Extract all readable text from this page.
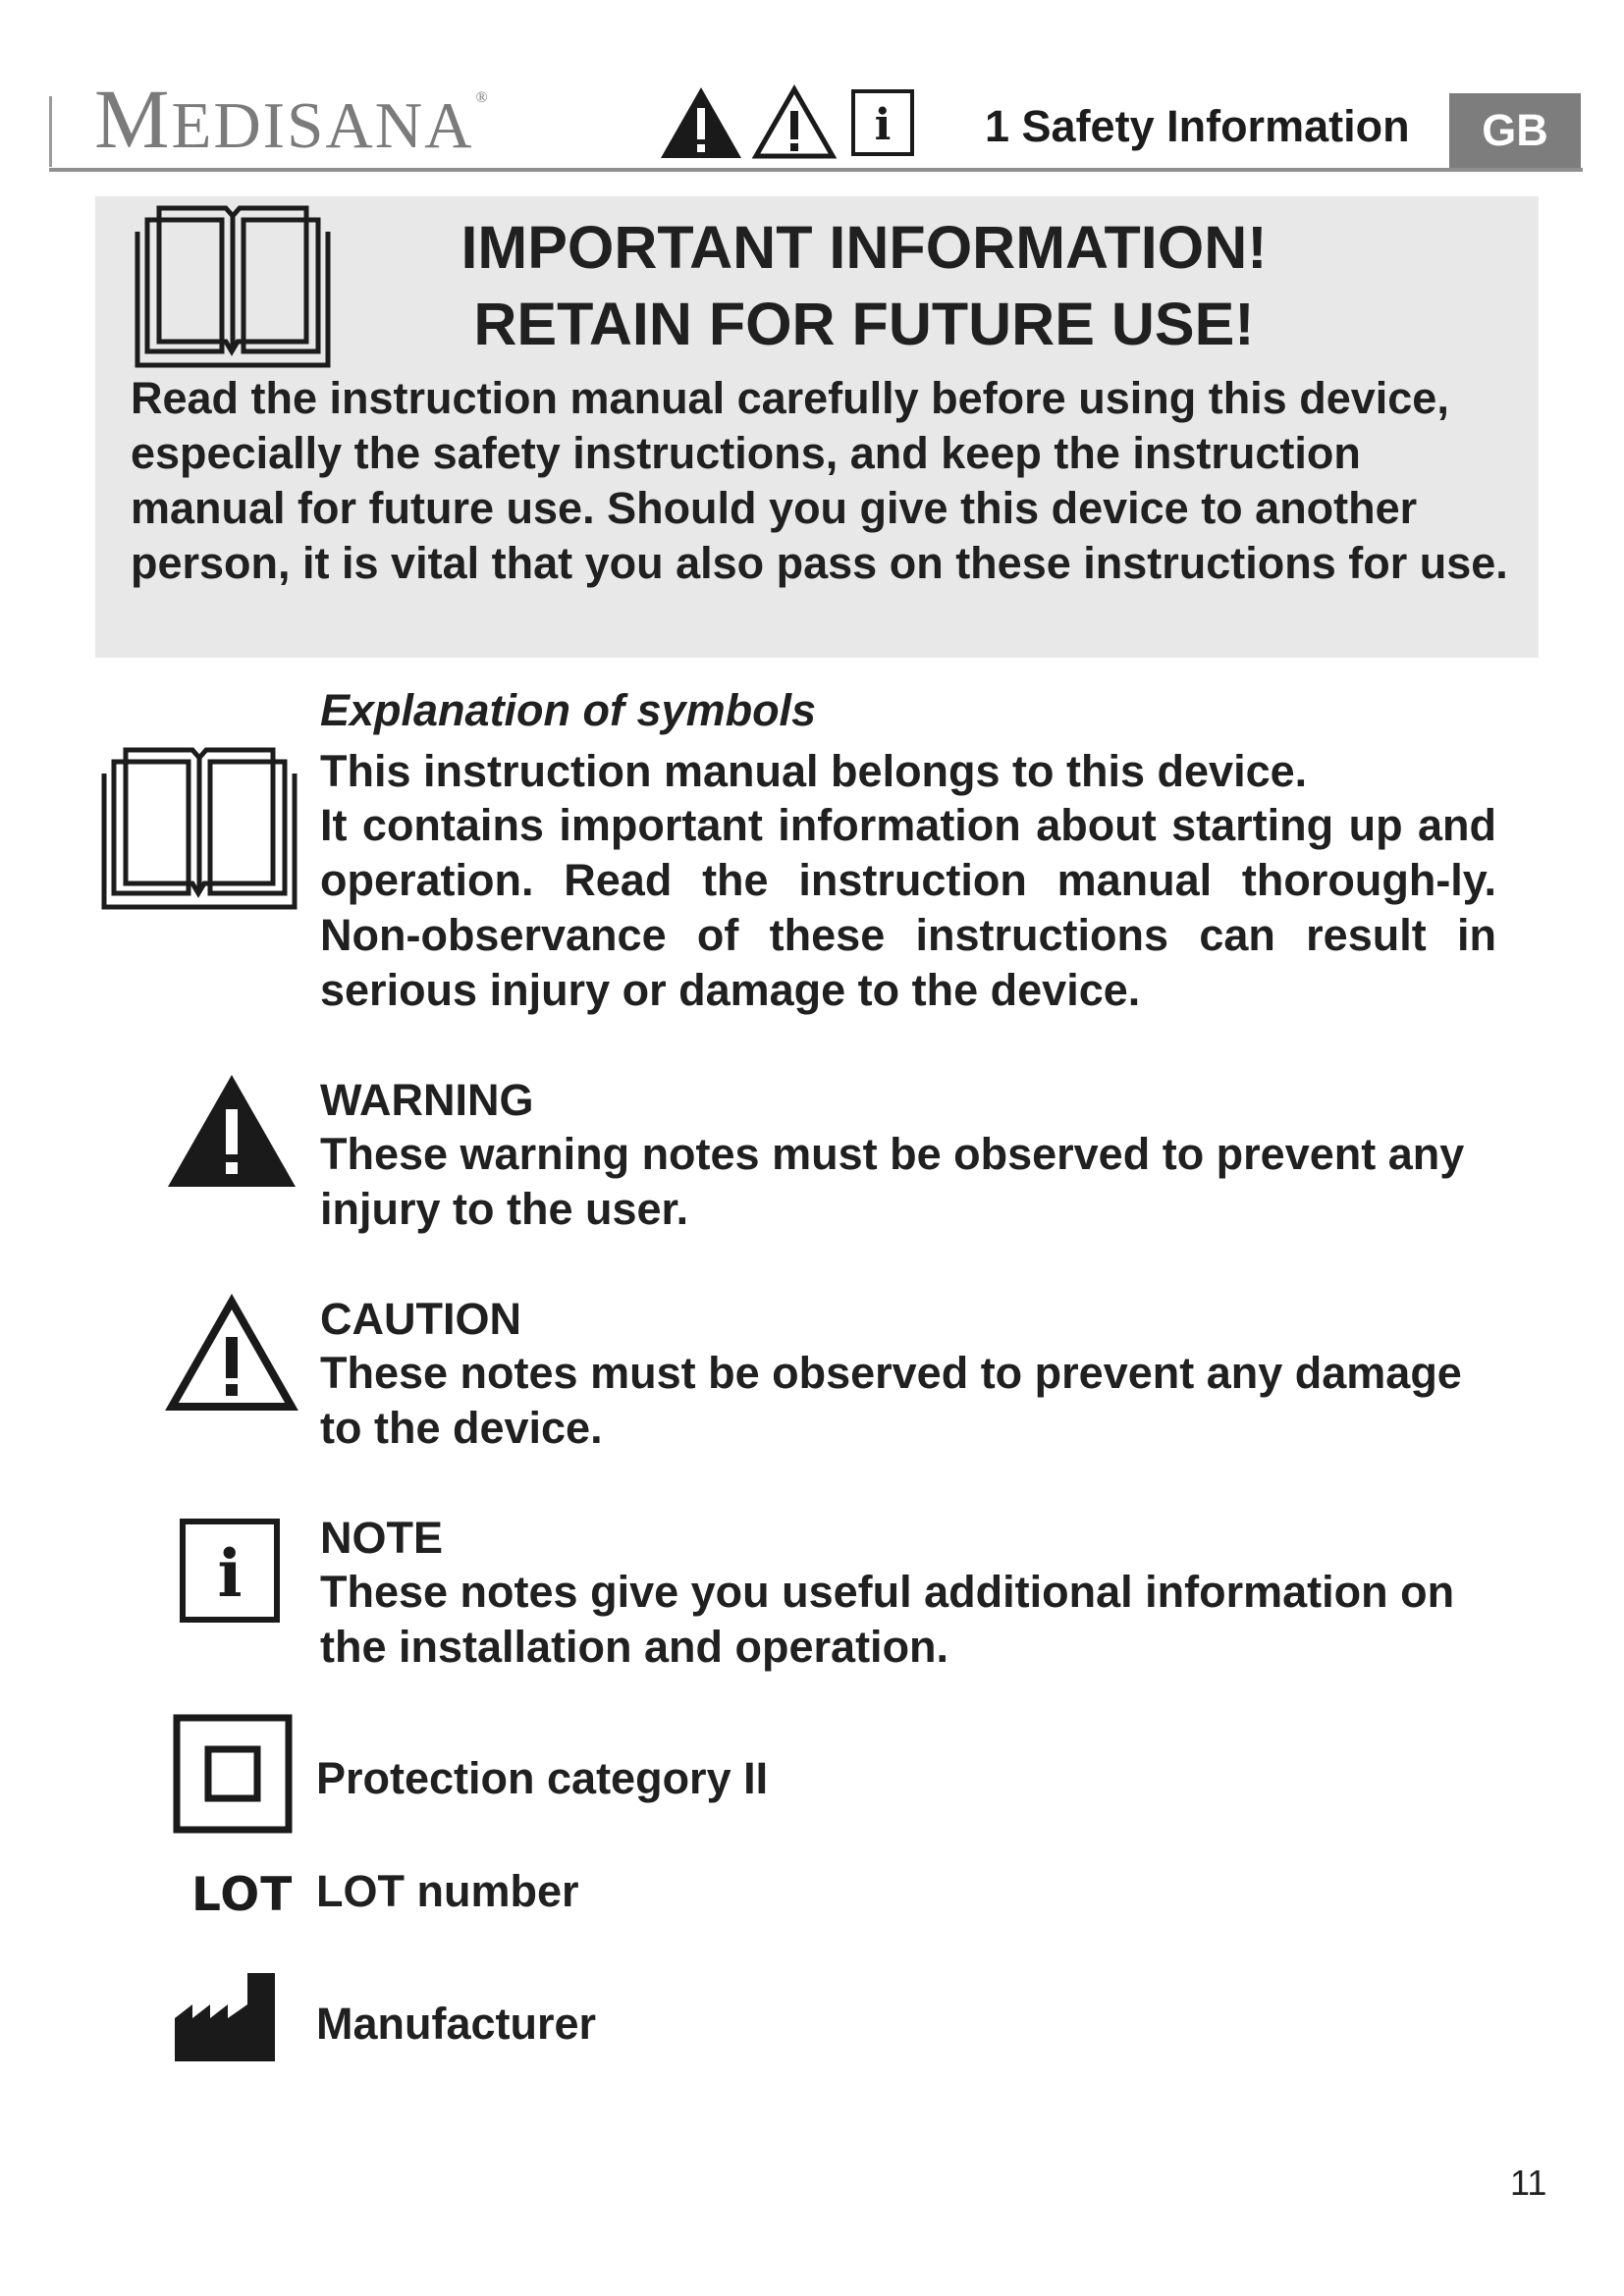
MEDISANA ®
i 1 Safety Information	GB
IMPORTANT INFORMATION!
RETAIN FOR FUTURE USE!
Read the instruction manual carefully before using this device, especially the safety instructions, and keep the instruction manual for future use. Should you give this device to another person, it is vital that you also pass on these instructions for use.
Explanation of symbols
This instruction manual belongs to this device.
It contains important information about starting up and operation. Read the instruction manual thorough-ly. Non-observance of these instructions can result in serious injury or damage to the device.
WARNING
These warning notes must be observed to prevent any injury to the user.
CAUTION
These notes must be observed to prevent any damage to the device.
i NOTE
These notes give you useful additional information on the installation and operation.
Protection category II
LOT LOT number
Manufacturer
11
